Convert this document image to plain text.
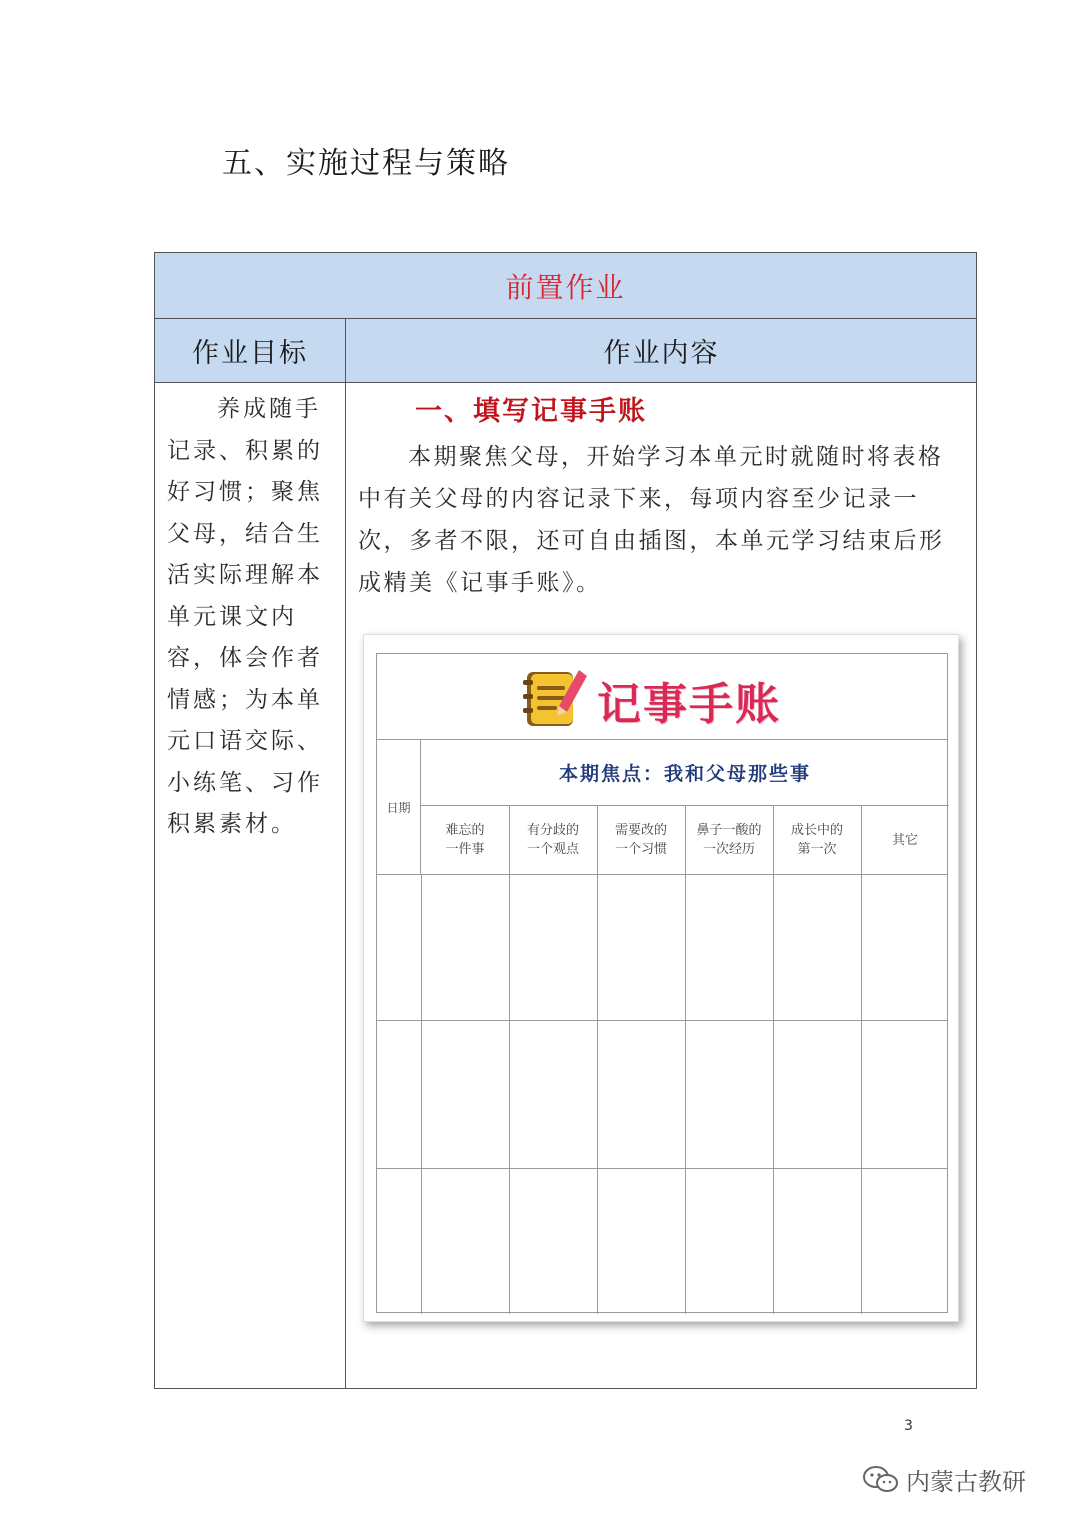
五、实施过程与策略
前置作业
作业目标	作业内容

养成随手记录、积累的好习惯；聚焦父母，结合生活实际理解本单元课文内容，体会作者情感；为本单元口语交际、小练笔、习作积累素材。

一、填写记事手账

本期聚焦父母，开始学习本单元时就随时将表格中有关父母的内容记录下来，每项内容至少记录一次，多者不限，还可自由插图，本单元学习结束后形成精美《记事手账》。

记事手账
日期
本期焦点：我和父母那些事
难忘的
一件事
有分歧的
一个观点
需要改的
一个习惯
鼻子一酸的
一次经历
成长中的
第一次
其它
3
内蒙古教研
